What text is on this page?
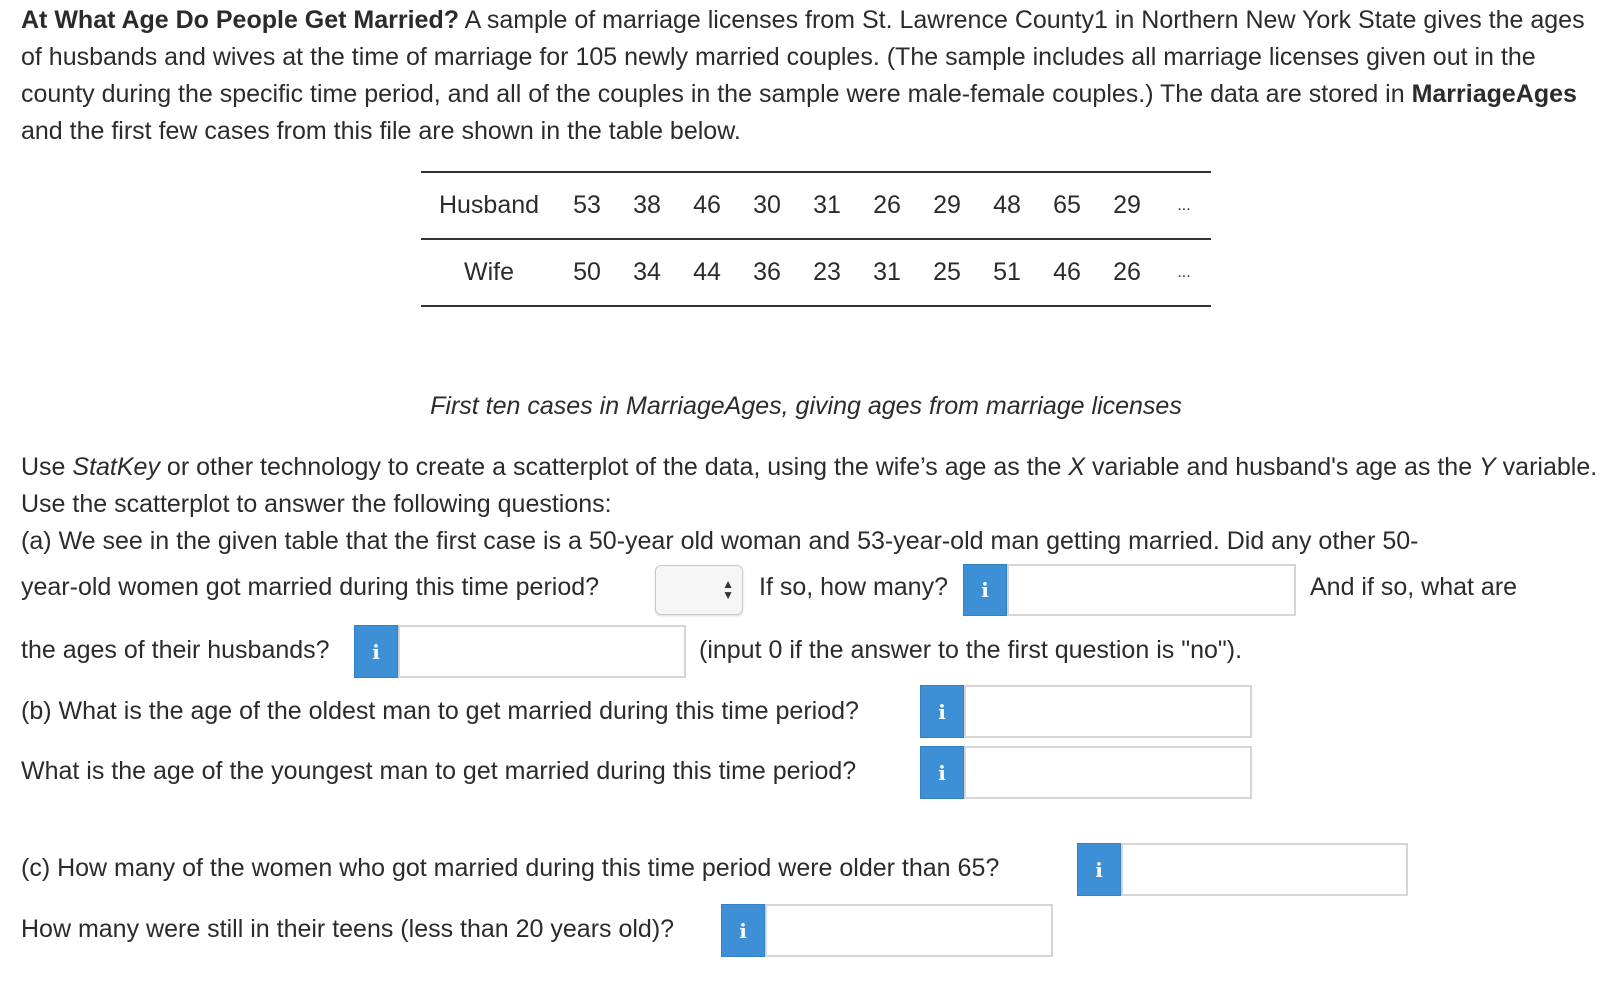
At What Age Do People Get Married? A sample of marriage licenses from St. Lawrence County1 in Northern New York State gives the ages of husbands and wives at the time of marriage for 105 newly married couples. (The sample includes all marriage licenses given out in the county during the specific time period, and all of the couples in the sample were male-female couples.) The data are stored in MarriageAges and the first few cases from this file are shown in the table below.
Husband	53	38	46	30	31	26	29	48	65	29	...
Wife	50	34	44	36	23	31	25	51	46	26	...
First ten cases in MarriageAges, giving ages from marriage licenses
Use StatKey or other technology to create a scatterplot of the data, using the wife’s age as the X variable and husband's age as the Y variable. Use the scatterplot to answer the following questions:
(a) We see in the given table that the first case is a 50-year old woman and 53-year-old man getting married. Did any other 50-
year-old women got married during this time period?	▲
▼ If so, how many?	i	And if so, what are
the ages of their husbands?	i	(input 0 if the answer to the first question is "no").
(b) What is the age of the oldest man to get married during this time period?	i
What is the age of the youngest man to get married during this time period?	i
(c) How many of the women who got married during this time period were older than 65?	i
How many were still in their teens (less than 20 years old)?	i
